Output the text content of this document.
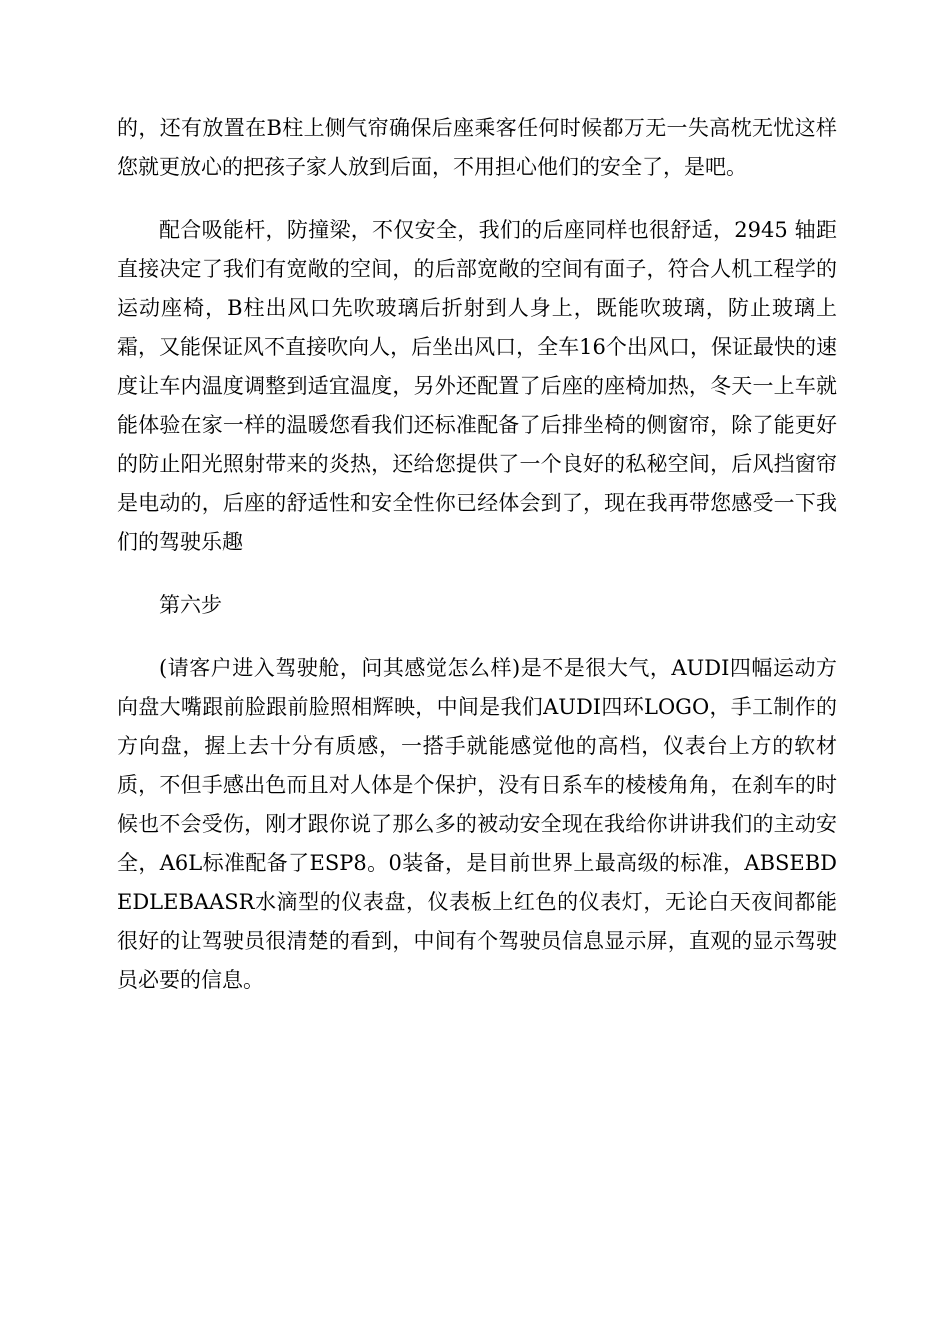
的，还有放置在B柱上侧气帘确保后座乘客任何时候都万无一失高枕无忧这样您就更放心的把孩子家人放到后面，不用担心他们的安全了，是吧。

配合吸能杆，防撞梁，不仅安全，我们的后座同样也很舒适，2945 轴距直接决定了我们有宽敞的空间，的后部宽敞的空间有面子，符合人机工程学的运动座椅，B柱出风口先吹玻璃后折射到人身上，既能吹玻璃，防止玻璃上霜，又能保证风不直接吹向人，后坐出风口，全车16个出风口，保证最快的速度让车内温度调整到适宜温度，另外还配置了后座的座椅加热，冬天一上车就能体验在家一样的温暖您看我们还标准配备了后排坐椅的侧窗帘，除了能更好的防止阳光照射带来的炎热，还给您提供了一个良好的私秘空间，后风挡窗帘是电动的，后座的舒适性和安全性你已经体会到了，现在我再带您感受一下我们的驾驶乐趣

第六步

(请客户进入驾驶舱，问其感觉怎么样)是不是很大气，AUDI四幅运动方向盘大嘴跟前脸跟前脸照相辉映，中间是我们AUDI四环LOGO，手工制作的方向盘，握上去十分有质感，一搭手就能感觉他的高档，仪表台上方的软材质，不但手感出色而且对人体是个保护，没有日系车的棱棱角角，在刹车的时候也不会受伤，刚才跟你说了那么多的被动安全现在我给你讲讲我们的主动安全，A6L标准配备了ESP8。0装备，是目前世界上最高级的标准，ABSEBDEDLEBAASR水滴型的仪表盘，仪表板上红色的仪表灯，无论白天夜间都能很好的让驾驶员很清楚的看到，中间有个驾驶员信息显示屏，直观的显示驾驶员必要的信息。
